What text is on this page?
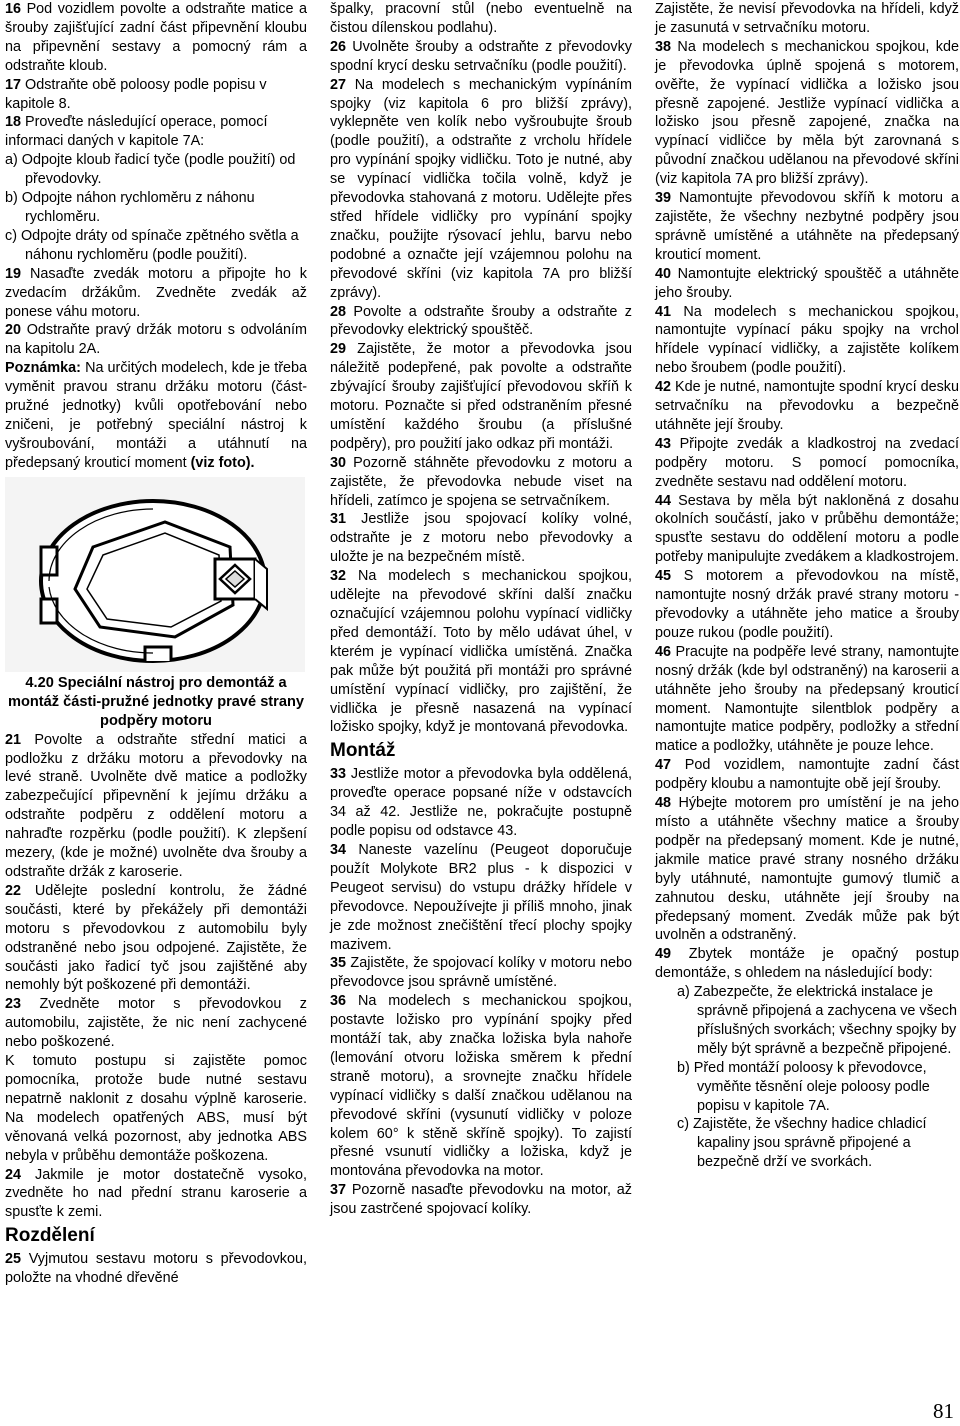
16 Pod vozidlem povolte a odstraňte matice a šrouby zajišťující zadní část připevnění kloubu na připevnění sestavy a pomocný rám a odstraňte kloub.

17 Odstraňte obě poloosy podle popisu v kapitole 8.

18 Proveďte následující operace, pomocí informaci daných v kapitole 7A:

a) Odpojte kloub řadicí tyče (podle použití) od převodovky.

b) Odpojte náhon rychloměru z náhonu rychloměru.

c) Odpojte dráty od spínače zpětného světla a náhonu rychloměru (podle použití).

19 Nasaďte zvedák motoru a připojte ho k zvedacím držákům. Zvedněte zvedák až ponese váhu motoru.

20 Odstraňte pravý držák motoru s odvoláním na kapitolu 2A.

Poznámka: Na určitých modelech, kde je třeba vyměnit pravou stranu držáku motoru (část-pružné jednotky) kvůli opotřebování nebo zničeni, je potřebný speciální nástroj k vyšroubování, montáži a utáhnutí na předepsaný krouticí moment (viz foto).

4.20 Speciální nástroj pro demontáž a montáž části-pružné jednotky pravé strany podpěry motoru

21 Povolte a odstraňte střední matici a podložku z držáku motoru a převodovky na levé straně. Uvolněte dvě matice a podložky zabezpečující připevnění k jejímu držáku a odstraňte podpěru z oddělení motoru a nahraďte rozpěrku (podle použití). K zlepšení mezery, (kde je možné) uvolněte dva šrouby a odstraňte držák z karoserie.

22 Udělejte poslední kontrolu, že žádné součásti, které by překážely při demontáži motoru s převodovkou z automobilu byly odstraněné nebo jsou odpojené. Zajistěte, že součásti jako řadicí tyč jsou zajištěné aby nemohly být poškozené při demontáži.

23 Zvedněte motor s převodovkou z automobilu, zajistěte, že nic není zachycené nebo poškozené.

K tomuto postupu si zajistěte pomoc pomocníka, protože bude nutné sestavu nepatrně naklonit z dosahu výplně karoserie. Na modelech opatřených ABS, musí být věnovaná velká pozornost, aby jednotka ABS nebyla v průběhu demontáže poškozena.

24 Jakmile je motor dostatečně vysoko, zvedněte ho nad přední stranu karoserie a spusťte k zemi.

Rozdělení

25 Vyjmutou sestavu motoru s převodovkou, položte na vhodné dřevěné

špalky, pracovní stůl (nebo eventuelně na čistou dílenskou podlahu).

26 Uvolněte šrouby a odstraňte z převodovky spodní krycí desku setrvačníku (podle použití).

27 Na modelech s mechanickým vypínáním spojky (viz kapitola 6 pro bližší zprávy), vyklepněte ven kolík nebo vyšroubujte šroub (podle použití), a odstraňte z vrcholu hřídele pro vypínání spojky vidličku. Toto je nutné, aby se vypínací vidlička točila volně, když je převodovka stahovaná z motoru. Udělejte přes střed hřídele vidličky pro vypínání spojky značku, použijte rýsovací jehlu, barvu nebo podobné a označte její vzájemnou polohu na převodové skříni (viz kapitola 7A pro bližší zprávy).

28 Povolte a odstraňte šrouby a odstraňte z převodovky elektrický spouštěč.

29 Zajistěte, že motor a převodovka jsou náležitě podepřené, pak povolte a odstraňte zbývající šrouby zajišťující převodovou skříň k motoru. Poznačte si před odstraněním přesné umístění každého šroubu (a příslušné podpěry), pro použití jako odkaz při montáži.

30 Pozorně stáhněte převodovku z motoru a zajistěte, že převodovka nebude viset na hřídeli, zatímco je spojena se setrvačníkem.

31 Jestliže jsou spojovací kolíky volné, odstraňte je z motoru nebo převodovky a uložte je na bezpečném místě.

32 Na modelech s mechanickou spojkou, udělejte na převodové skříni další značku označující vzájemnou polohu vypínací vidličky před demontáží. Toto by mělo udávat úhel, v kterém je vypínací vidlička umístěná. Značka pak může být použitá při montáži pro správné umístění vypínací vidličky, pro zajištění, že vidlička je přesně nasazená na vypínací ložisko spojky, když je montovaná převodovka.

Montáž

33 Jestliže motor a převodovka byla oddělená, proveďte operace popsané níže v odstavcích 34 až 42. Jestliže ne, pokračujte postupně podle popisu od odstavce 43.

34 Naneste vazelínu (Peugeot doporučuje použít Molykote BR2 plus - k dispozici v Peugeot servisu) do vstupu drážky hřídele v převodovce. Nepoužívejte ji příliš mnoho, jinak je zde možnost znečištění třecí plochy spojky mazivem.

35 Zajistěte, že spojovací kolíky v motoru nebo převodovce jsou správně umístěné.

36 Na modelech s mechanickou spojkou, postavte ložisko pro vypínání spojky před montáží tak, aby značka ložiska byla nahoře (lemování otvoru ložiska směrem k přední straně motoru), a srovnejte značku hřídele vypínací vidličky s další značkou udělanou na převodové skříni (vysunutí vidličky v poloze kolem 60° k stěně skříně spojky). To zajistí přesné vsunutí vidličky a ložiska, když je montována převodovka na motor.

37 Pozorně nasaďte převodovku na motor, až jsou zastrčené spojovací kolíky.

Zajistěte, že nevisí převodovka na hřídeli, když je zasunutá v setrvačníku motoru.

38 Na modelech s mechanickou spojkou, kde je převodovka úplně spojená s motorem, ověřte, že vypínací vidlička a ložisko jsou přesně zapojené. Jestliže vypínací vidlička a ložisko jsou přesně zapojené, značka na vypínací vidličce by měla být zarovnaná s původní značkou udělanou na převodové skříni (viz kapitola 7A pro bližší zprávy).

39 Namontujte převodovou skříň k motoru a zajistěte, že všechny nezbytné podpěry jsou správně umístěné a utáhněte na předepsaný krouticí moment.

40 Namontujte elektrický spouštěč a utáhněte jeho šrouby.

41 Na modelech s mechanickou spojkou, namontujte vypínací páku spojky na vrchol hřídele vypínací vidličky, a zajistěte kolíkem nebo šroubem (podle použití).

42 Kde je nutné, namontujte spodní krycí desku setrvačníku na převodovku a bezpečně utáhněte její šrouby.

43 Připojte zvedák a kladkostroj na zvedací podpěry motoru. S pomocí pomocníka, zvedněte sestavu nad oddělení motoru.

44 Sestava by měla být nakloněná z dosahu okolních součástí, jako v průběhu demontáže; spusťte sestavu do oddělení motoru a podle potřeby manipulujte zvedákem a kladkostrojem.

45 S motorem a převodovkou na místě, namontujte nosný držák pravé strany motoru - převodovky a utáhněte jeho matice a šrouby pouze rukou (podle použití).

46 Pracujte na podpěře levé strany, namontujte nosný držák (kde byl odstraněný) na karoserii a utáhněte jeho šrouby na předepsaný krouticí moment. Namontujte silentblok podpěry a namontujte matice podpěry, podložky a střední matice a podložky, utáhněte je pouze lehce.

47 Pod vozidlem, namontujte zadní část podpěry kloubu a namontujte obě její šrouby.

48 Hýbejte motorem pro umístění je na jeho místo a utáhněte všechny matice a šrouby podpěr na předepsaný moment. Kde je nutné, jakmile matice pravé strany nosného držáku byly utáhnuté, namontujte gumový tlumič a zahnutou desku, utáhněte její šrouby na předepsaný moment. Zvedák může pak být uvolněn a odstraněný.

49 Zbytek montáže je opačný postup demontáže, s ohledem na následující body:

a) Zabezpečte, že elektrická instalace je správně připojená a zachycena ve všech příslušných svorkách; všechny spojky by měly být správně a bezpečně připojené.

b) Před montáží poloosy k převodovce, vyměňte těsnění oleje poloosy podle popisu v kapitole 7A.

c) Zajistěte, že všechny hadice chladicí kapaliny jsou správně připojené a bezpečně drží ve svorkách.

81
